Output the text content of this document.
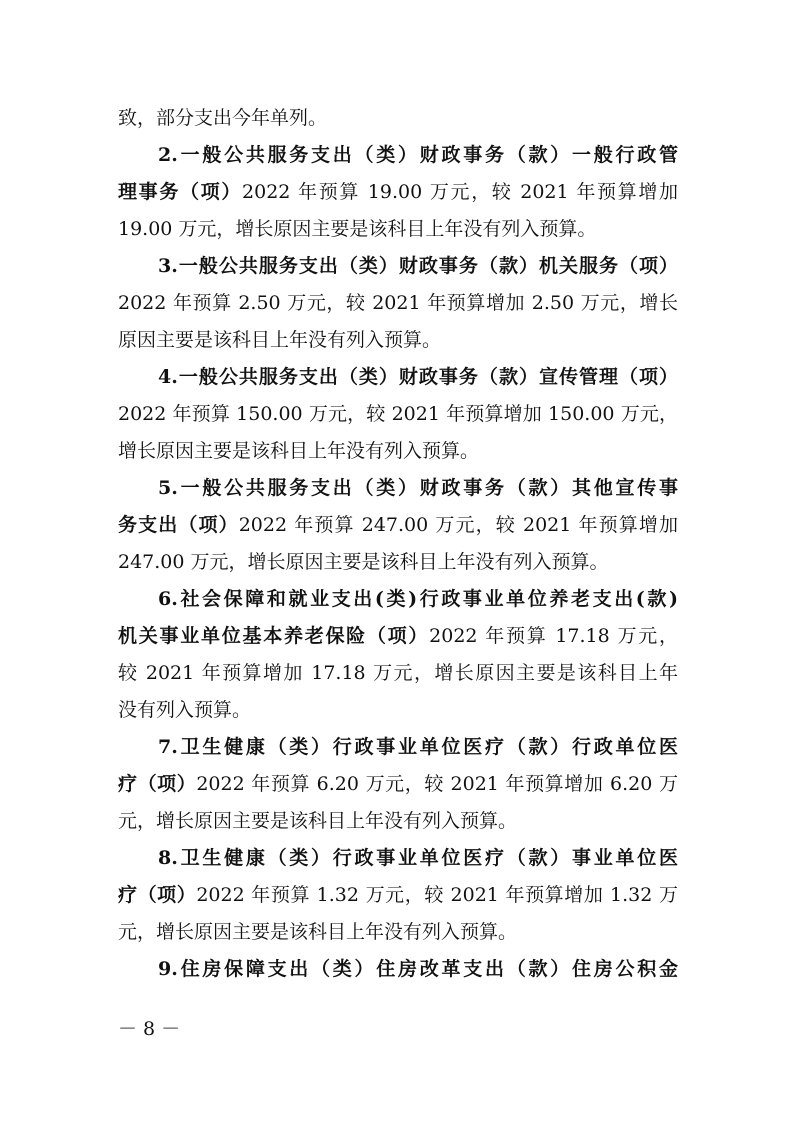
致，部分支出今年单列。
2.一般公共服务支出（类）财政事务（款）一般行政管
理事务（项）2022 年预算 19.00 万元，较 2021 年预算增加
19.00 万元，增长原因主要是该科目上年没有列入预算。
3.一般公共服务支出（类）财政事务（款）机关服务（项）
2022 年预算 2.50 万元，较 2021 年预算增加 2.50 万元，增长
原因主要是该科目上年没有列入预算。
4.一般公共服务支出（类）财政事务（款）宣传管理（项）
2022 年预算 150.00 万元，较 2021 年预算增加 150.00 万元，
增长原因主要是该科目上年没有列入预算。
5.一般公共服务支出（类）财政事务（款）其他宣传事
务支出（项）2022 年预算 247.00 万元，较 2021 年预算增加
247.00 万元，增长原因主要是该科目上年没有列入预算。
6.社会保障和就业支出(类)行政事业单位养老支出(款)
机关事业单位基本养老保险（项）2022 年预算 17.18 万元，
较 2021 年预算增加 17.18 万元，增长原因主要是该科目上年
没有列入预算。
7.卫生健康（类）行政事业单位医疗（款）行政单位医
疗（项）2022 年预算 6.20 万元，较 2021 年预算增加 6.20 万
元，增长原因主要是该科目上年没有列入预算。
8.卫生健康（类）行政事业单位医疗（款）事业单位医
疗（项）2022 年预算 1.32 万元，较 2021 年预算增加 1.32 万
元，增长原因主要是该科目上年没有列入预算。
9.住房保障支出（类）住房改革支出（款）住房公积金
－ 8 －
